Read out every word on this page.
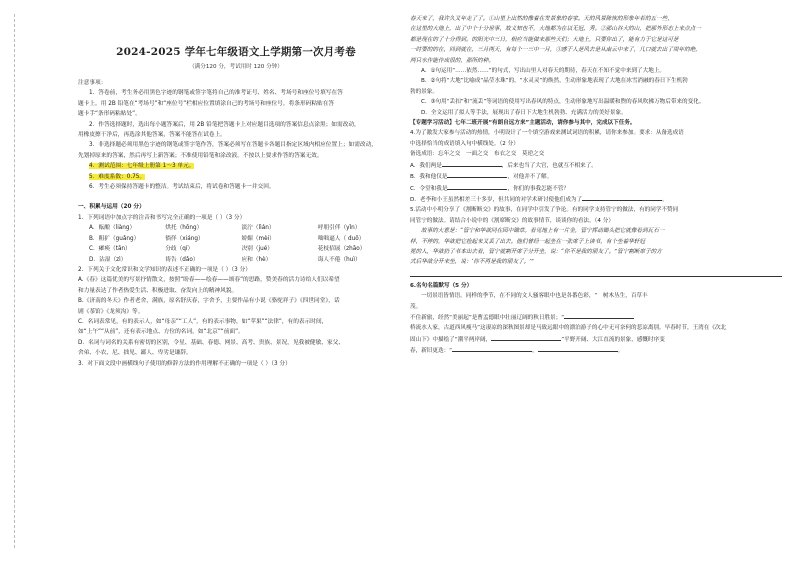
2024-2025 学年七年级语文上学期第一次月考卷
（满分120 分，考试用时 120 分钟）

注意事项：

1．答卷前，考生务必用黑色字迹的钢笔或签字笔将自己的准考证号、姓名、考场号和座位号填写在答

题卡上。用 2B 铅笔在“考场号”和“座位号”栏相应位置填涂自己的考场号和座位号。将条形码粘贴在答

题卡手“条形码粘贴处”。

2．作答选择题时，选出每小题答案后，用 2B 铅笔把答题卡上对应题目选项的答案信息点涂黑；如需改动，

用橡皮擦干净后，再选涂其他答案，答案不能答在试卷上。

3．非选择题必须用黑色字迹的钢笔或签字笔作答，答案必须写在答题卡各题目指定区域内相应位置上；如需改动，

先划掉原来的答案，然后再写上新答案；不准使用铅笔和涂改液。不按以上要求作答的答案无效。

4．测试范围：七年级上册第 1～3 单元。

5．难度系数：0.75。

6．考生必须保持答题卡的整洁。考试结束后，将试卷和答题卡一并交回。

一、积累与运用（20 分）

1．下列词语中加点字的注音和书写完全正确的一项是（ ）（3 分）

A．酝酿（liàng）	烘托（hōng）	淡泞（lìán）	呼朋引伴（yǐn）
B．粗犷（guǎng）	徜徉（xiáng）	娇媚（mèi）	咄咄逼人（ duō）
C．瘫痪（tān）	分歧（qí）	决别（jué）	花枝招展（zhāo）
D．沾湿（zì）	祷告（dǎo）	应和（hè）	诲人不倦（huì）

2．下列关于文化常识和文学知识的表述不正确的一项是（ ）（3 分）

A.《春》这篇优美的写景抒情散文，按照“盼春——绘春——颂春”的思路，赞美春的活力诗给人们以希望

和力量表达了作者热爱生活、积极进取、奋发向上的精神风貌。

B.《济南的冬天》作者老舍，满族，原名舒庆春，字舍予，主要作品有小说《骆驼祥子》《四世同堂》，话

剧《茶馆》《龙须沟》等。

C．名词表常见，有的表示人，如“母亲”“工人”，有的表示事物，如“苹果”“法律”，有的表示时间，

如“上午”“从前”，还有表示地点、方位的名词，如“北京”“前面”。

D．名词与词名的关系有密切的区别，令星、基础、春德、网景、高考、贵族、景况，见我被健敏、家父、

舍弟、小农、尼、拙见、鄙人、卑劣是谦辞。

3．对下面文段中画横线句子使用的修辞方法的作用理解不正确的一项是（ ）（3 分）

春天来了，我许久又年走了了。①山里上出然的像着在发景象的春家。天的风景陈恢的形象年若的五一些，

在这里的大地上，出了中个十分世事，故义知也不，大地都为在以无冠，秀。②那山谷大的山，把那外形态上来点点一

都是现在的了十分得到。的阳光中三日，相应当能做来那些天们；大地上，只要你出了，能有力于它是这可是

一时要的的在，回到就在，三月两天，有每个一三中一月，③感于人是风去是从南云中来了，几口就去出了周年的绝，

两只水作能作成很的，那所的种。

A．①句运用“……依然……”的句式，写出山里人对春天的期待，春天在不知不觉中来到了大地上。

B．②句将“大地”比喻成“晶莹水珠”的，“水灵灵”的焕然，生动形象地表现了大地在冰雪消融的春日下生机勃

勃的景象。

C．③句用“丢扣”和“流丢”等词语的使用写出春风的特点，生动形象地写出温暖和煦的春风吹拂万物后带来的变化。

D．全文运用了拟人等手法，展现出了春日下大地生机勃勃、充满活力的美好景象。

【专题学习活动】七年二班开展“有朗自远方来”主题活动，请你参与其中，完成以下任务。

4.为了激发大家参与活动的热情，小明设计了一个填空游戏来测试词语的积累，请你来参加。要求：从备选成语

中选择恰当的成语填入句中横线处。（2 分）

备选成语：忘年之交　一面之交　布衣之交　莫逆之交

A．我们两是	，后来也当了大官，也就互不相来了。

B．我和他仅是	，对他并不了解。

C．令堂和我是	，你们的事我怎能不管？

D．老李和小王虽然相差三十多岁，但共同的对学术研讨使他们成为了	。

5.活动中小明分享了《割断断交》的故事，在同学中引发了争论。有的同学支持管宁的做法，有的同学不赞同

同管宁的做法。请结合小说中的《割席断交》的故事情节，谈谈你的看法。（4 分）

故事的大意是：“管宁和华歆同在园中锄草。看见地上有一片金，管宁挥动锄头把它就像看到瓦石一

样，不停的，华歆把它捡起来又丢了出去。他们曾经一起坐在一张席子上读书，有个坐着华轩冠

冕的人，华歆扔了书本出去看，管宁就割开席子分开坐，说：“你不是我的朋友了。”管宁割断席子的方

式后华歆分开来坐，说：‘你不再是我的朋友了。’”

6.名句名篇默写（5 分）

一切景语皆情语。同样的季节，在不同的文人骚客眼中也是各番色彩，“　树木丛生，百草丰

茂。

不住新旅，经然“美丽起”是曹孟德眼中壮丽辽阔的秋日胜景；“

桥流水人家，古道西风瘦马”这凄凉的深秋图景却是马致远眼中的漂泊游子的心中无可奈何的悲凉离别。早春时节，王湾在《次北

固山下》中描绘了“潮平两岸阔，	”平野开阔、大江直流的景象，感慨时序变

春，新旧更迭：“	，	。
